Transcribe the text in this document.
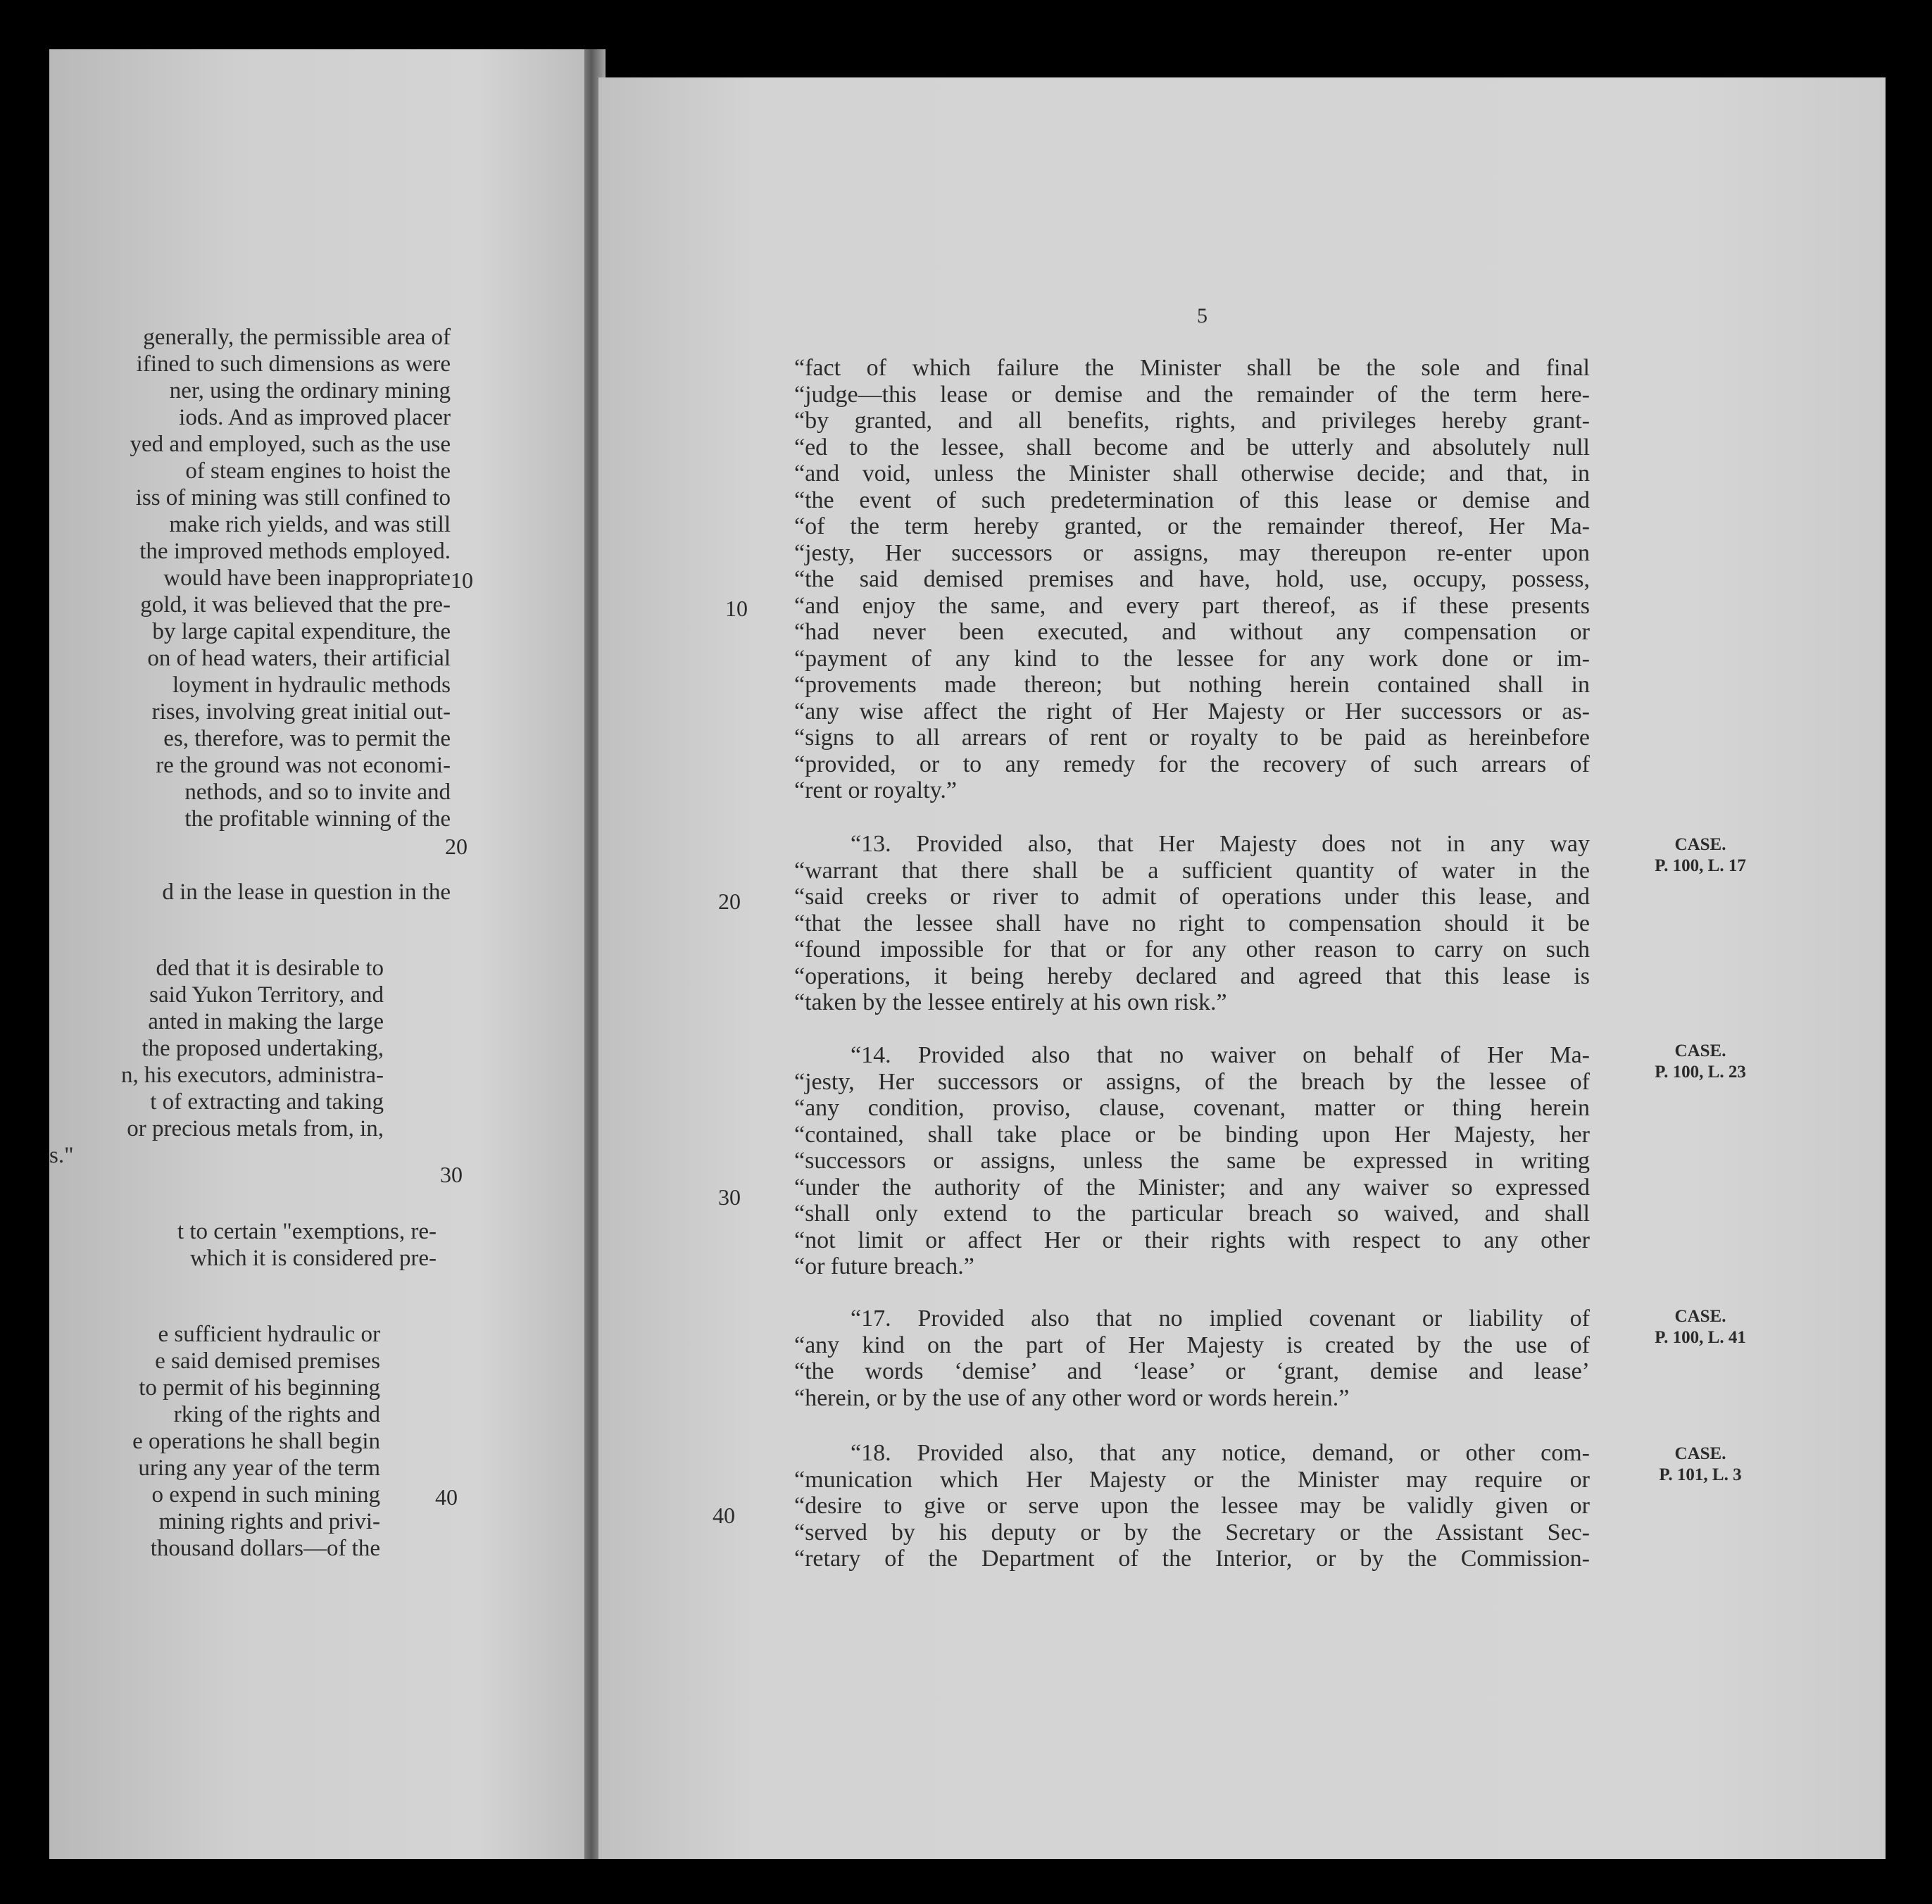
generally, the permissible area of
ifined to such dimensions as were
ner, using the ordinary mining
iods. And as improved placer
yed and employed, such as the use
of steam engines to hoist the
iss of mining was still confined to
make rich yields, and was still
the improved methods employed.
would have been inappropriate
gold, it was believed that the pre-
by large capital expenditure, the
on of head waters, their artificial
loyment in hydraulic methods
rises, involving great initial out-
es, therefore, was to permit the
re the ground was not economi-
nethods, and so to invite and
the profitable winning of the
d in the lease in question in the
ded that it is desirable to
said Yukon Territory, and
anted in making the large
the proposed undertaking,
n, his executors, administra-
t of extracting and taking
or precious metals from, in,
s."
t to certain "exemptions, re-
which it is considered pre-
e sufficient hydraulic or
e said demised premises
to permit of his beginning
rking of the rights and
e operations he shall begin
uring any year of the term
o expend in such mining
mining rights and privi-
thousand dollars—of the
10
20
30
40
5
“fact of which failure the Minister shall be the sole and final
“judge—this lease or demise and the remainder of the term here-
“by granted, and all benefits, rights, and privileges hereby grant-
“ed to the lessee, shall become and be utterly and absolutely null
“and void, unless the Minister shall otherwise decide; and that, in
“the event of such predetermination of this lease or demise and
“of the term hereby granted, or the remainder thereof, Her Ma-
“jesty, Her successors or assigns, may thereupon re-enter upon
“the said demised premises and have, hold, use, occupy, possess,
“and enjoy the same, and every part thereof, as if these presents
“had never been executed, and without any compensation or
“payment of any kind to the lessee for any work done or im-
“provements made thereon; but nothing herein contained shall in
“any wise affect the right of Her Majesty or Her successors or as-
“signs to all arrears of rent or royalty to be paid as hereinbefore
“provided, or to any remedy for the recovery of such arrears of
“rent or royalty.”
“13. Provided also, that Her Majesty does not in any way
“warrant that there shall be a sufficient quantity of water in the
“said creeks or river to admit of operations under this lease, and
“that the lessee shall have no right to compensation should it be
“found impossible for that or for any other reason to carry on such
“operations, it being hereby declared and agreed that this lease is
“taken by the lessee entirely at his own risk.”
“14. Provided also that no waiver on behalf of Her Ma-
“jesty, Her successors or assigns, of the breach by the lessee of
“any condition, proviso, clause, covenant, matter or thing herein
“contained, shall take place or be binding upon Her Majesty, her
“successors or assigns, unless the same be expressed in writing
“under the authority of the Minister; and any waiver so expressed
“shall only extend to the particular breach so waived, and shall
“not limit or affect Her or their rights with respect to any other
“or future breach.”
“17. Provided also that no implied covenant or liability of
“any kind on the part of Her Majesty is created by the use of
“the words ‘demise’ and ‘lease’ or ‘grant, demise and lease’
“herein, or by the use of any other word or words herein.”
“18. Provided also, that any notice, demand, or other com-
“munication which Her Majesty or the Minister may require or
“desire to give or serve upon the lessee may be validly given or
“served by his deputy or by the Secretary or the Assistant Sec-
“retary of the Department of the Interior, or by the Commission-
10
20
30
40
CASE.
P. 100, L. 17
CASE.
P. 100, L. 23
CASE.
P. 100, L. 41
CASE.
P. 101, L. 3
